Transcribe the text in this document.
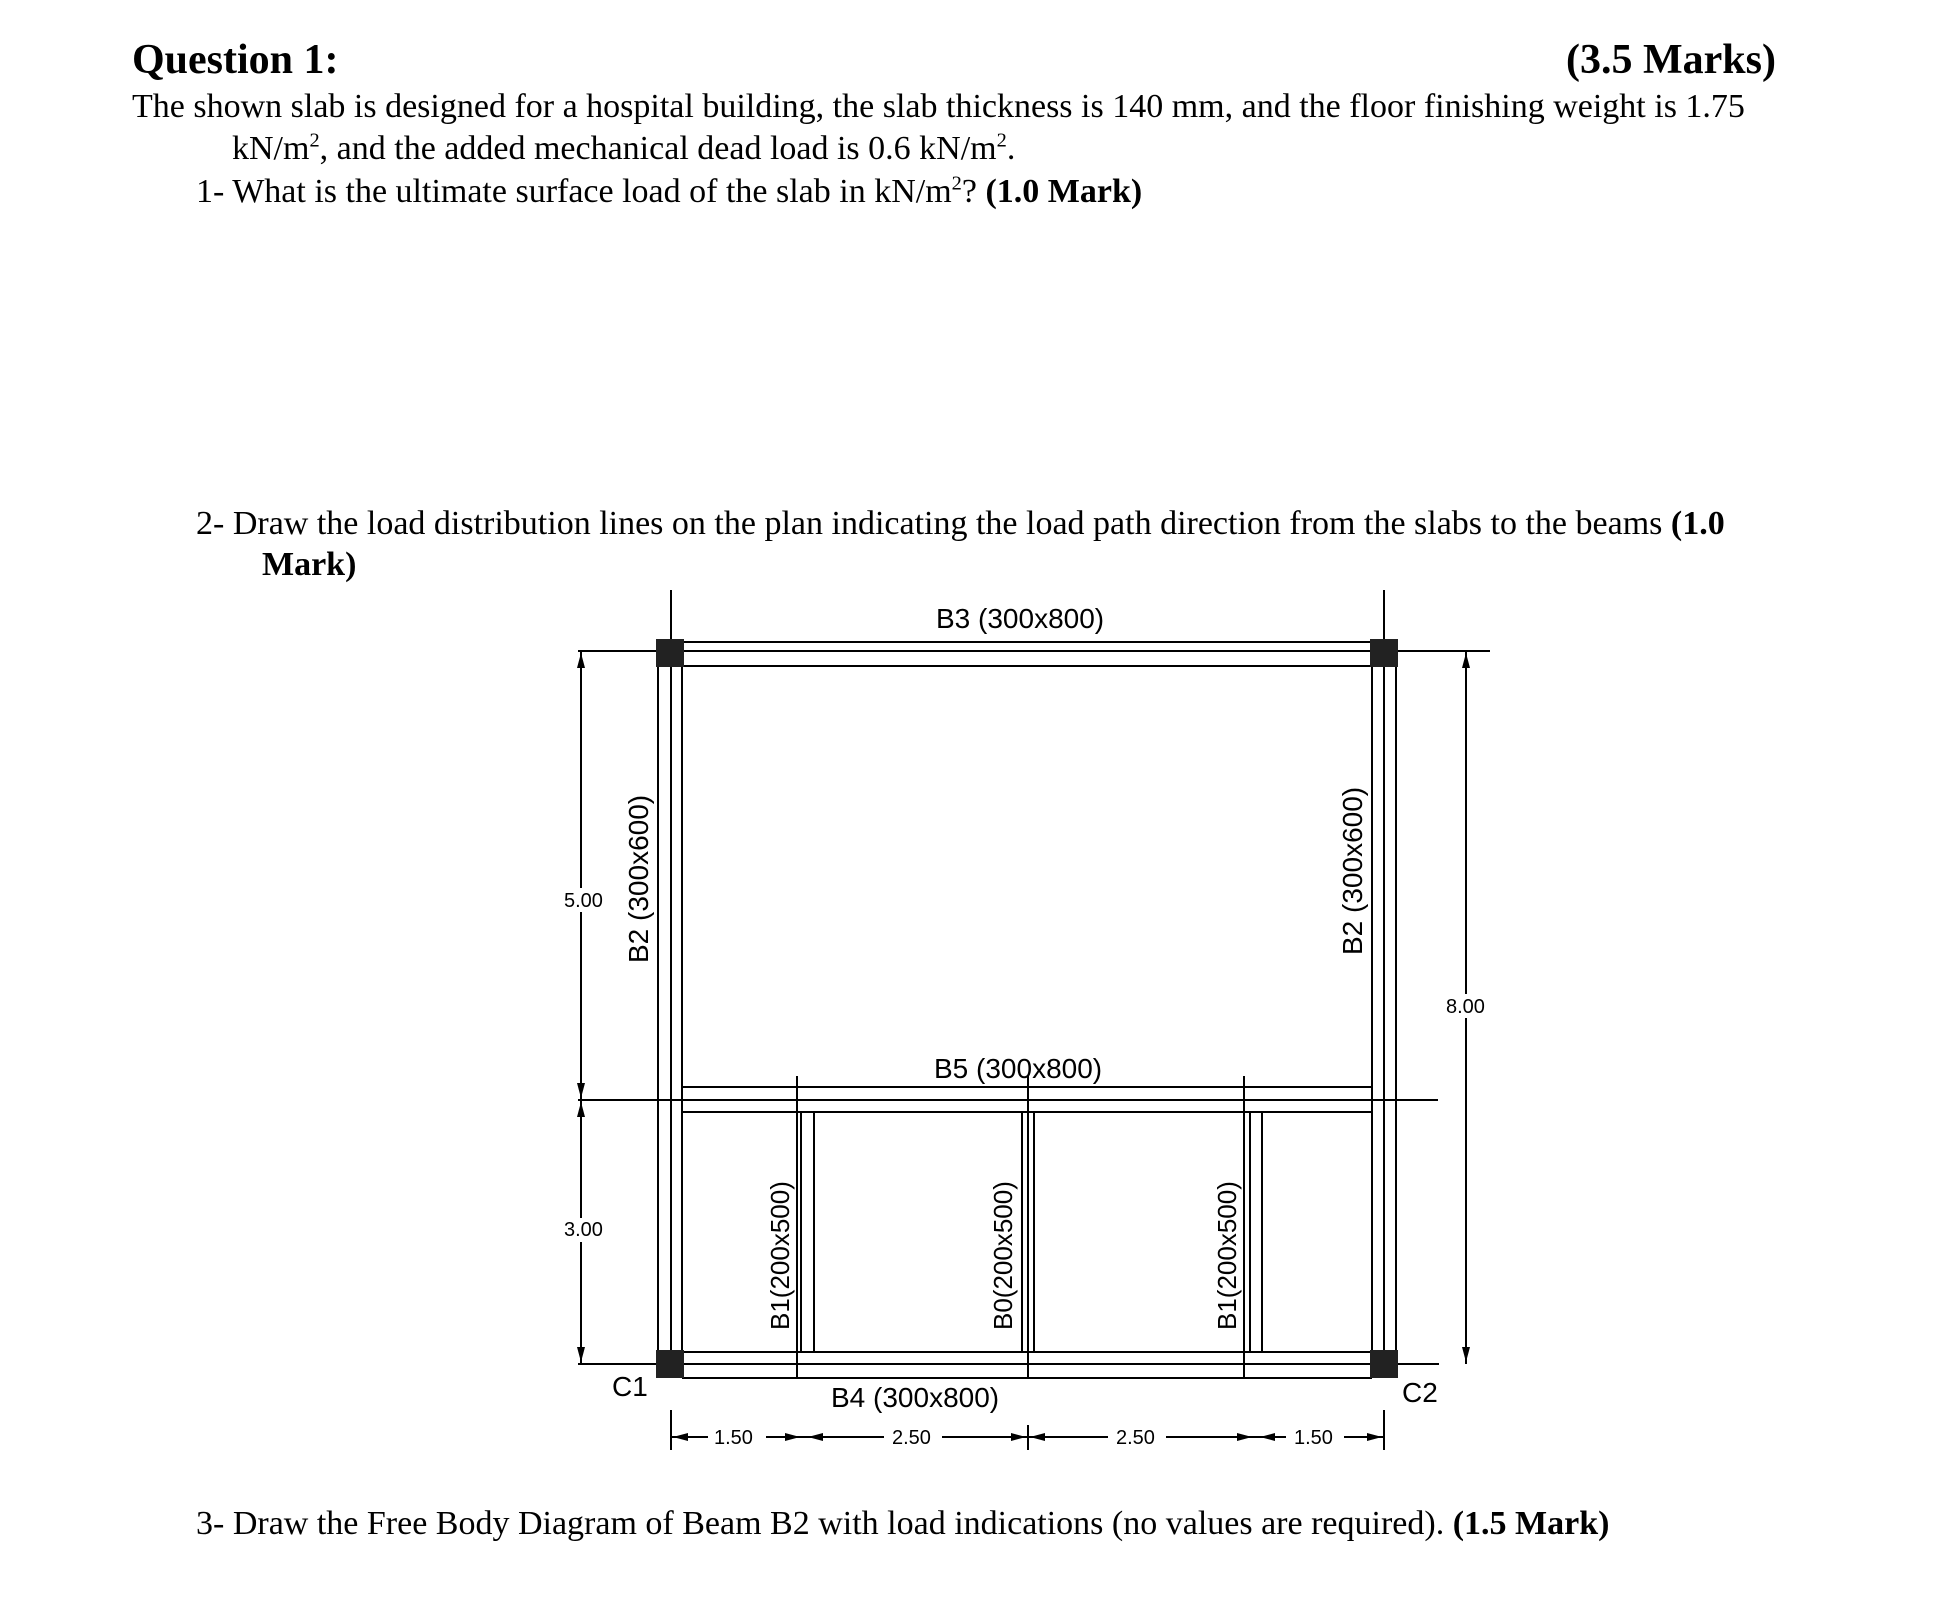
Question 1:	(3.5 Marks)
The shown slab is designed for a hospital building, the slab thickness is 140 mm, and the floor finishing weight is 1.75
$kN/m^2$, and the added mechanical dead load is 0.6 $kN/m^2$.
1- What is the ultimate surface load of the slab in $kN/m^2$? (1.0 Mark)
2- Draw the load distribution lines on the plan indicating the load path direction from the slabs to the beams (1.0
Mark)
3- Draw the Free Body Diagram of Beam B2 with load indications (no values are required). (1.5 Mark)
B3 (300x800)
B5 (300x800)
B4 (300x800)
B2 (300x600)	B2 (300x600)
B1(200x500)	B0(200x500)	B1(200x500)
C1	C2
5.00
3.00
8.00
1.50	2.50	2.50	1.50
